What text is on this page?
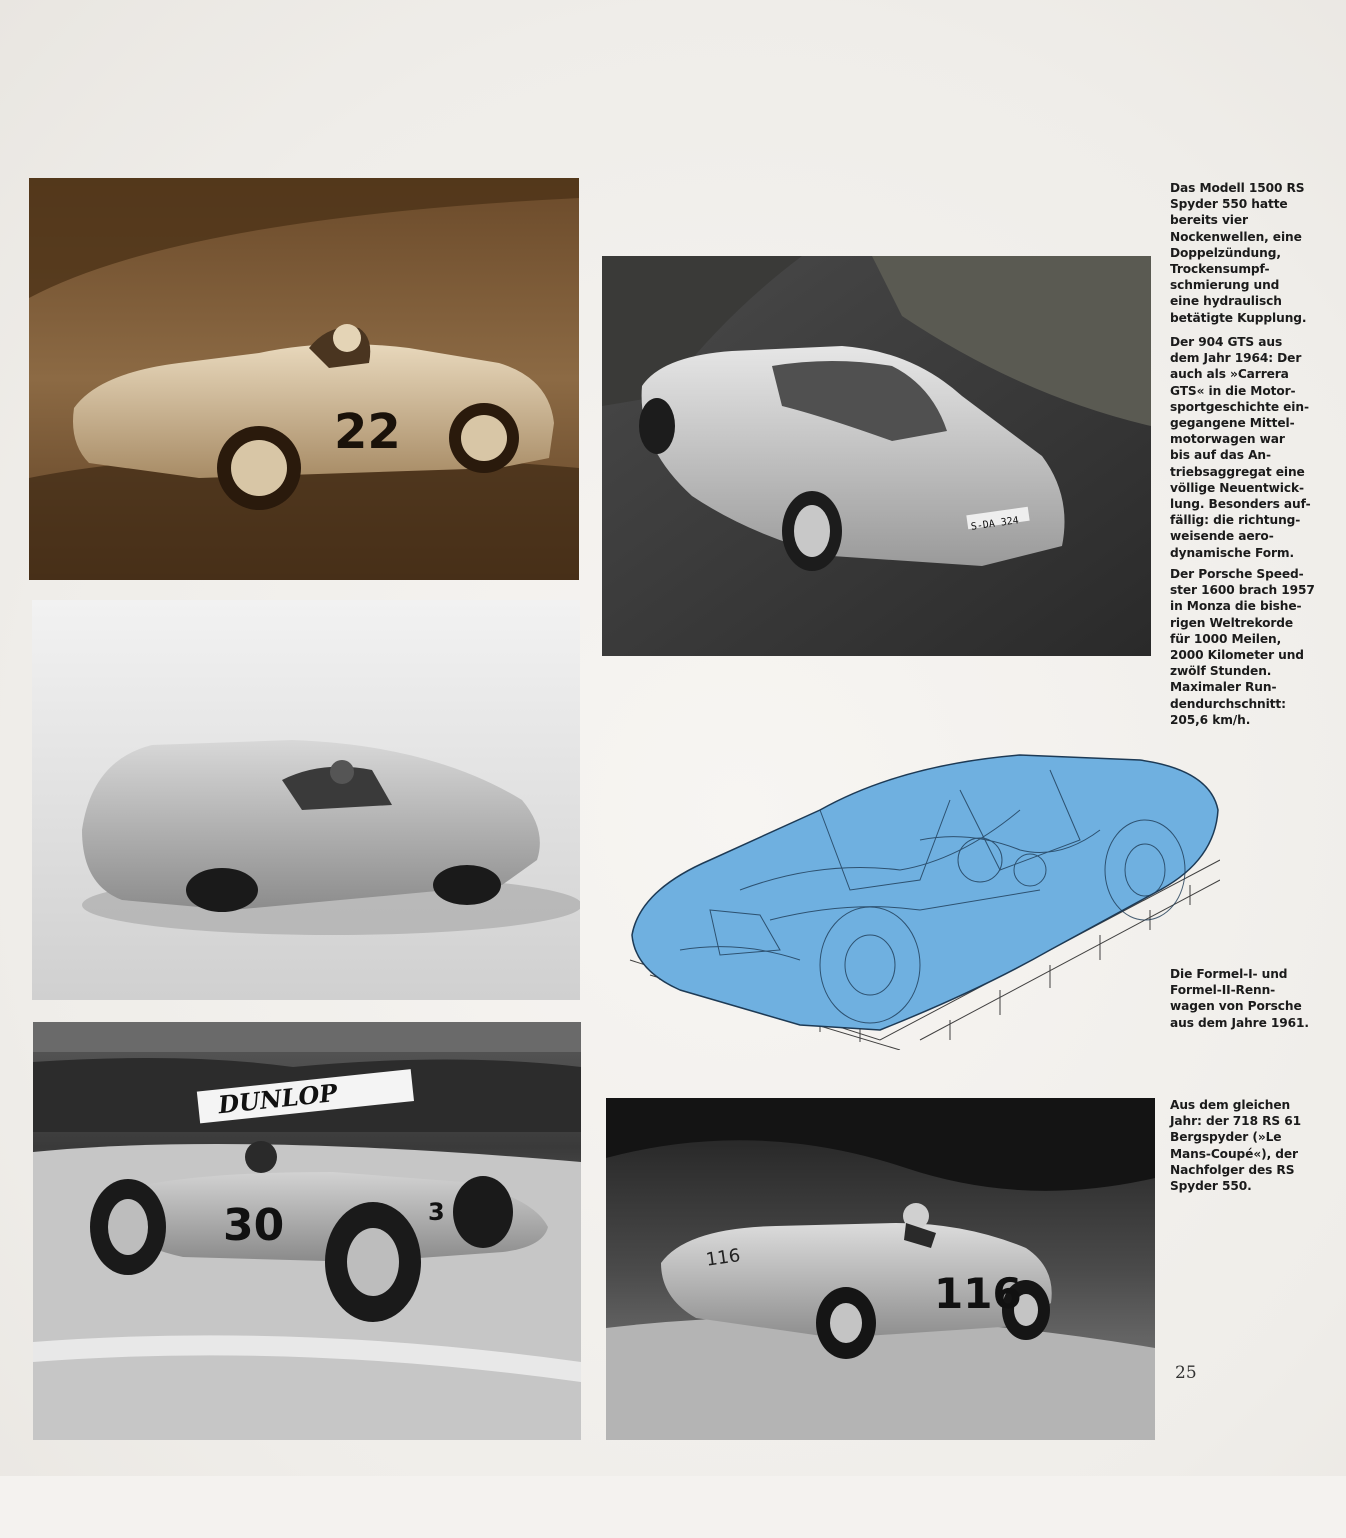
22
S-DA 324
DUNLOP
30	3
116
116
Das Modell 1500 RS
Spyder 550 hatte
bereits vier
Nockenwellen, eine
Doppelzündung,
Trockensumpf-
schmierung und
eine hydraulisch
betätigte Kupplung.
Der 904 GTS aus
dem Jahr 1964: Der
auch als »Carrera
GTS« in die Motor-
sportgeschichte ein-
gegangene Mittel-
motorwagen war
bis auf das An-
triebsaggregat eine
völlige Neuentwick-
lung. Besonders auf-
fällig: die richtung-
weisende aero-
dynamische Form.
Der Porsche Speed-
ster 1600 brach 1957
in Monza die bishe-
rigen Weltrekorde
für 1000 Meilen,
2000 Kilometer und
zwölf Stunden.
Maximaler Run-
dendurchschnitt:
205,6 km/h.
Die Formel-I- und
Formel-II-Renn-
wagen von Porsche
aus dem Jahre 1961.
Aus dem gleichen
Jahr: der 718 RS 61
Bergspyder (»Le
Mans-Coupé«), der
Nachfolger des RS
Spyder 550.
25
